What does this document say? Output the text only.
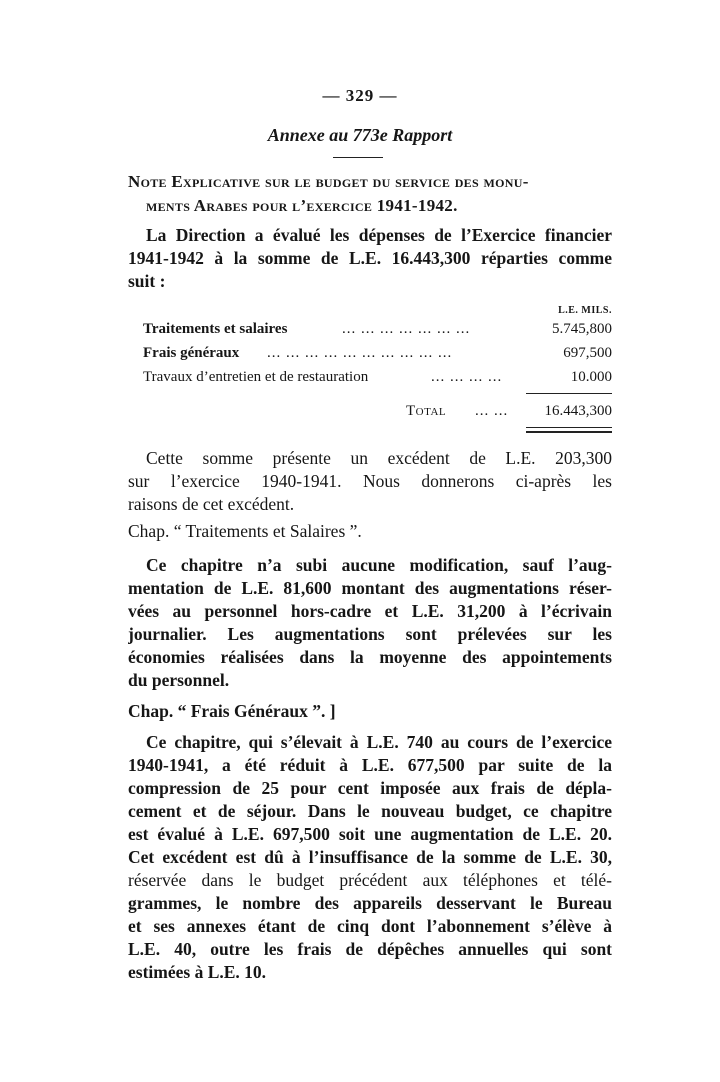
— 329 —
Annexe au 773e Rapport
Note Explicative sur le budget du service des monu-
ments Arabes pour l’exercice 1941-1942.
La Direction a évalué les dépenses de l’Exercice financier
1941-1942 à la somme de L.E. 16.443,300 réparties comme
suit :
L.E. MILS.
Traitements et salaires	... ... ... ... ... ... ...	5.745,800
Frais généraux ... ... ... ... ... ... ... ... ... ...	697,500
Travaux d’entretien et de restauration	... ... ... ...	10.000
Total ... ... 16.443,300
Cette somme présente un excédent de L.E. 203,300
sur l’exercice 1940-1941. Nous donnerons ci-après les
raisons de cet excédent.
Chap. “ Traitements et Salaires ”.
Ce chapitre n’a subi aucune modification, sauf l’aug-
mentation de L.E. 81,600 montant des augmentations réser-
vées au personnel hors-cadre et L.E. 31,200 à l’écrivain
journalier. Les augmentations sont prélevées sur les
économies réalisées dans la moyenne des appointements
du personnel.
Chap. “ Frais Généraux ”. ]
Ce chapitre, qui s’élevait à L.E. 740 au cours de l’exercice
1940-1941, a été réduit à L.E. 677,500 par suite de la
compression de 25 pour cent imposée aux frais de dépla-
cement et de séjour. Dans le nouveau budget, ce chapitre
est évalué à L.E. 697,500 soit une augmentation de L.E. 20.
Cet excédent est dû à l’insuffisance de la somme de L.E. 30,
réservée dans le budget précédent aux téléphones et télé-
grammes, le nombre des appareils desservant le Bureau
et ses annexes étant de cinq dont l’abonnement s’élève à
L.E. 40, outre les frais de dépêches annuelles qui sont
estimées à L.E. 10.
